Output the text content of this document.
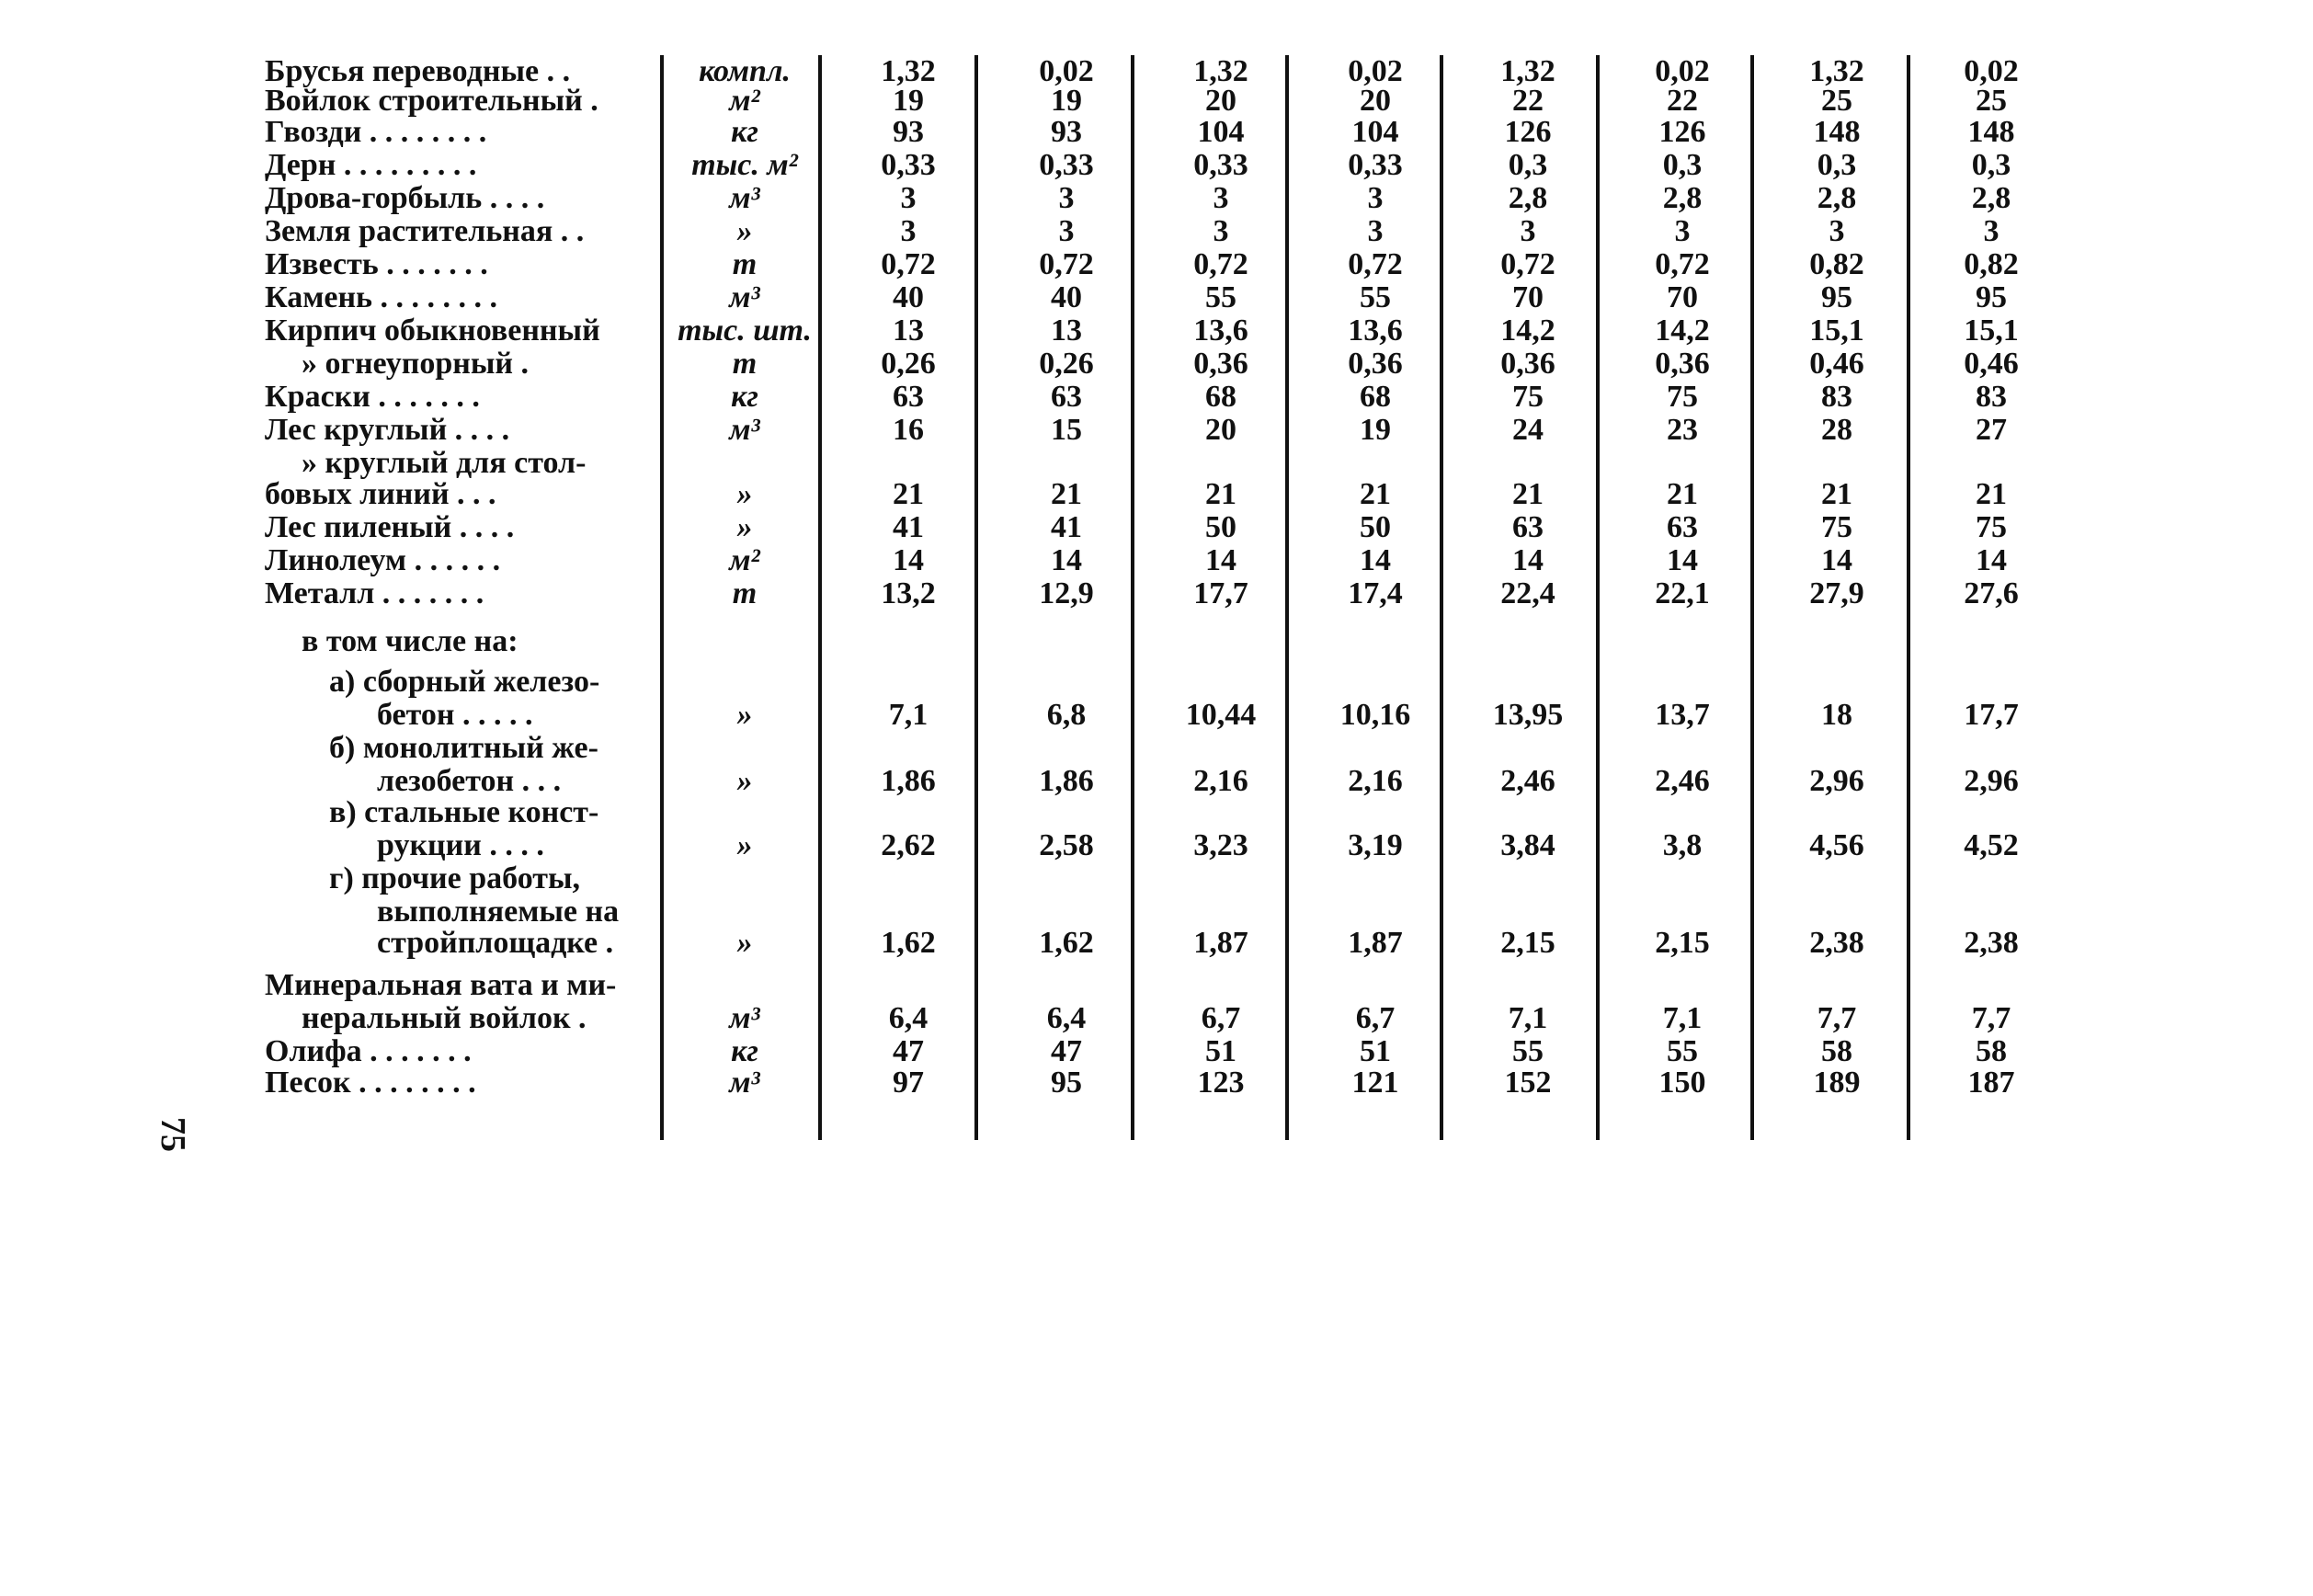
Брусья переводные . .	компл.	1,32	0,02	1,32	0,02	1,32	0,02	1,32	0,02
Войлок строительный .	м²	19	19	20	20	22	22	25	25
Гвозди . . . . . . . .	кг	93	93	104	104	126	126	148	148
Дерн . . . . . . . . .	тыс. м²	0,33	0,33	0,33	0,33	0,3	0,3	0,3	0,3
Дрова-горбыль . . . .	м³	3	3	3	3	2,8	2,8	2,8	2,8
Земля растительная . .	»	3	3	3	3	3	3	3	3
Известь . . . . . . .	т	0,72	0,72	0,72	0,72	0,72	0,72	0,82	0,82
Камень . . . . . . . .	м³	40	40	55	55	70	70	95	95
Кирпич обыкновенный	тыс. шт.	13	13	13,6	13,6	14,2	14,2	15,1	15,1
» огнеупорный .	т	0,26	0,26	0,36	0,36	0,36	0,36	0,46	0,46
Краски . . . . . . .	кг	63	63	68	68	75	75	83	83
Лес круглый . . . .	м³	16	15	20	19	24	23	28	27
» круглый для стол-
бовых линий . . .	»	21	21	21	21	21	21	21	21
Лес пиленый . . . .	»	41	41	50	50	63	63	75	75
Линолеум . . . . . .	м²	14	14	14	14	14	14	14	14
Металл . . . . . . .	т	13,2	12,9	17,7	17,4	22,4	22,1	27,9	27,6
в том числе на:
а) сборный железо-
бетон . . . . .	»	7,1	6,8	10,44	10,16	13,95	13,7	18	17,7
б) монолитный же-
лезобетон . . .	»	1,86	1,86	2,16	2,16	2,46	2,46	2,96	2,96
в) стальные конст-
рукции . . . .	»	2,62	2,58	3,23	3,19	3,84	3,8	4,56	4,52
г) прочие работы,
выполняемые на
стройплощадке .	»	1,62	1,62	1,87	1,87	2,15	2,15	2,38	2,38
Минеральная вата и ми-
неральный войлок .	м³	6,4	6,4	6,7	6,7	7,1	7,1	7,7	7,7
Олифа . . . . . . .	кг	47	47	51	51	55	55	58	58
Песок . . . . . . . .	м³	97	95	123	121	152	150	189	187
75
